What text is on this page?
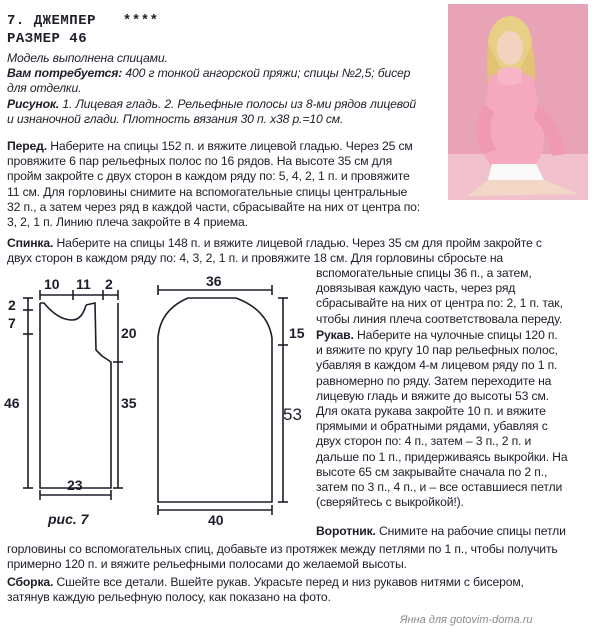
7. ДЖЕМПЕР ****
РАЗМЕР 46
Модель выполнена спицами.
Вам потребуется: 400 г тонкой ангорской пряжи; спицы №2,5; бисер
для отделки.
Рисунок. 1. Лицевая гладь. 2. Рельефные полосы из 8-ми рядов лицевой
и изнаночной глади. Плотность вязания 30 п. х38 р.=10 см.
Перед. Наберите на спицы 152 п. и вяжите лицевой гладью. Через 25 см
провяжите 6 пар рельефных полос по 16 рядов. На высоте 35 см для
пройм закройте с двух сторон в каждом ряду по: 5, 4, 2, 1 п. и провяжите
11 см. Для горловины снимите на вспомогательные спицы центральные
32 п., а затем через ряд в каждой части, сбрасывайте на них от центра по:
3, 2, 1 п. Линию плеча закройте в 4 приема.
Спинка. Наберите на спицы 148 п. и вяжите лицевой гладью. Через 35 см для пройм закройте с
двух сторон в каждом ряду по: 4, 3, 2, 1 п. и провяжите 18 см. Для горловины сбросьте на
вспомогательные спицы 36 п., а затем,
довязывая каждую часть, через ряд
сбрасывайте на них от центра по: 2, 1 п. так,
чтобы линия плеча соответствовала переду.
Рукав. Наберите на чулочные спицы 120 п.
и вяжите по кругу 10 пар рельефных полос,
убавляя в каждом 4-м лицевом ряду по 1 п.
равномерно по ряду. Затем переходите на
лицевую гладь и вяжите до высоты 53 см.
Для оката рукава закройте 10 п. и вяжите
прямыми и обратными рядами, убавляя с
двух сторон по: 4 п., затем – 3 п., 2 п. и
дальше по 1 п., придерживаясь выкройки. На
высоте 65 см закрывайте сначала по 2 п.,
затем по 3 п., 4 п., и – все оставшиеся петли
(сверяйтесь с выкройкой!).
Воротник. Снимите на рабочие спицы петли
горловины со вспомогательных спиц, добавьте из протяжек между петлями по 1 п., чтобы получить
примерно 120 п. и вяжите рельефными полосами до желаемой высоты.
Сборка. Сшейте все детали. Вшейте рукав. Украсьте перед и низ рукавов нитями с бисером,
затянув каждую рельефную полосу, как показано на фото.
Янна для gotovim-doma.ru
10 11 2
2
7
46
20
35
23
36
15
53
40
рис. 7
